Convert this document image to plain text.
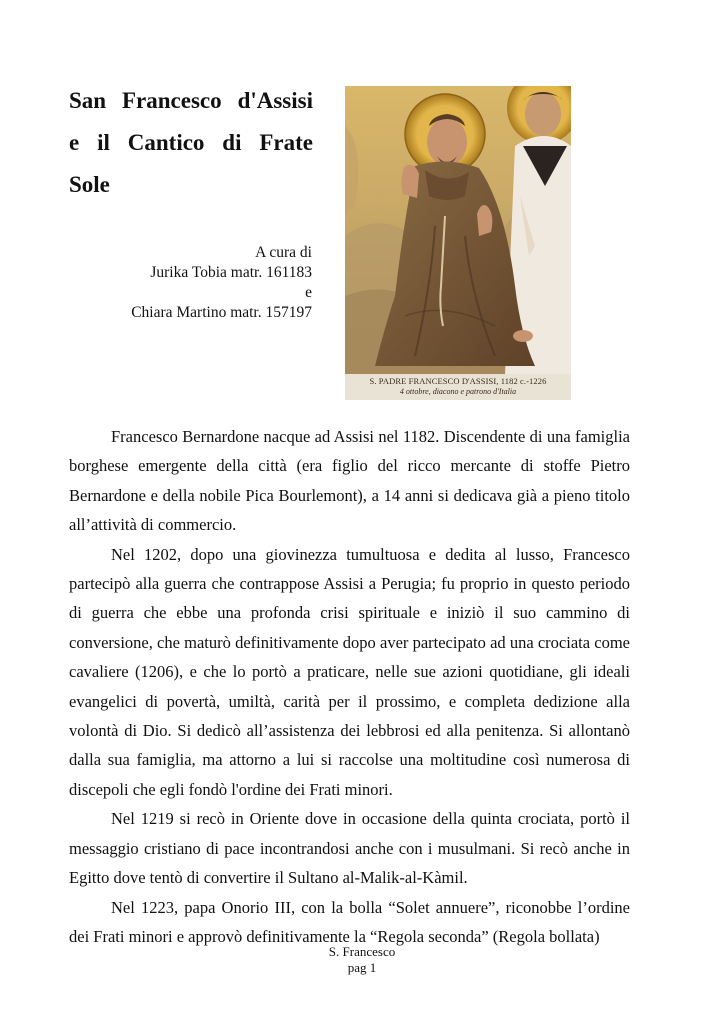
San Francesco d'Assisi e il Cantico di Frate Sole
A cura di
Jurika Tobia matr. 161183
e
Chiara Martino matr. 157197
S. PADRE FRANCESCO D'ASSISI, 1182 c.-1226
4 ottobre, diacono e patrono d'Italia

Francesco Bernardone nacque ad Assisi nel 1182. Discendente di una famiglia borghese emergente della città (era figlio del ricco mercante di stoffe Pietro Bernardone e della nobile Pica Bourlemont), a 14 anni si dedicava già a pieno titolo all’attività di commercio.

Nel 1202, dopo una giovinezza tumultuosa e dedita al lusso, Francesco partecipò alla guerra che contrappose Assisi a Perugia; fu proprio in questo periodo di guerra che ebbe una profonda crisi spirituale e iniziò il suo cammino di conversione, che maturò definitivamente dopo aver partecipato ad una crociata come cavaliere (1206), e che lo portò a praticare, nelle sue azioni quotidiane, gli ideali evangelici di povertà, umiltà, carità per il prossimo, e completa dedizione alla volontà di Dio. Si dedicò all’assistenza dei lebbrosi ed alla penitenza. Si allontanò dalla sua famiglia, ma attorno a lui si raccolse una moltitudine così numerosa di discepoli che egli fondò l'ordine dei Frati minori.

Nel 1219 si recò in Oriente dove in occasione della quinta crociata, portò il messaggio cristiano di pace incontrandosi anche con i musulmani. Si recò anche in Egitto dove tentò di convertire il Sultano al-Malik-al-Kàmil.

Nel 1223, papa Onorio III, con la bolla “Solet annuere”, riconobbe l’ordine dei Frati minori e approvò definitivamente la “Regola seconda” (Regola bollata)

S. Francesco
pag 1
